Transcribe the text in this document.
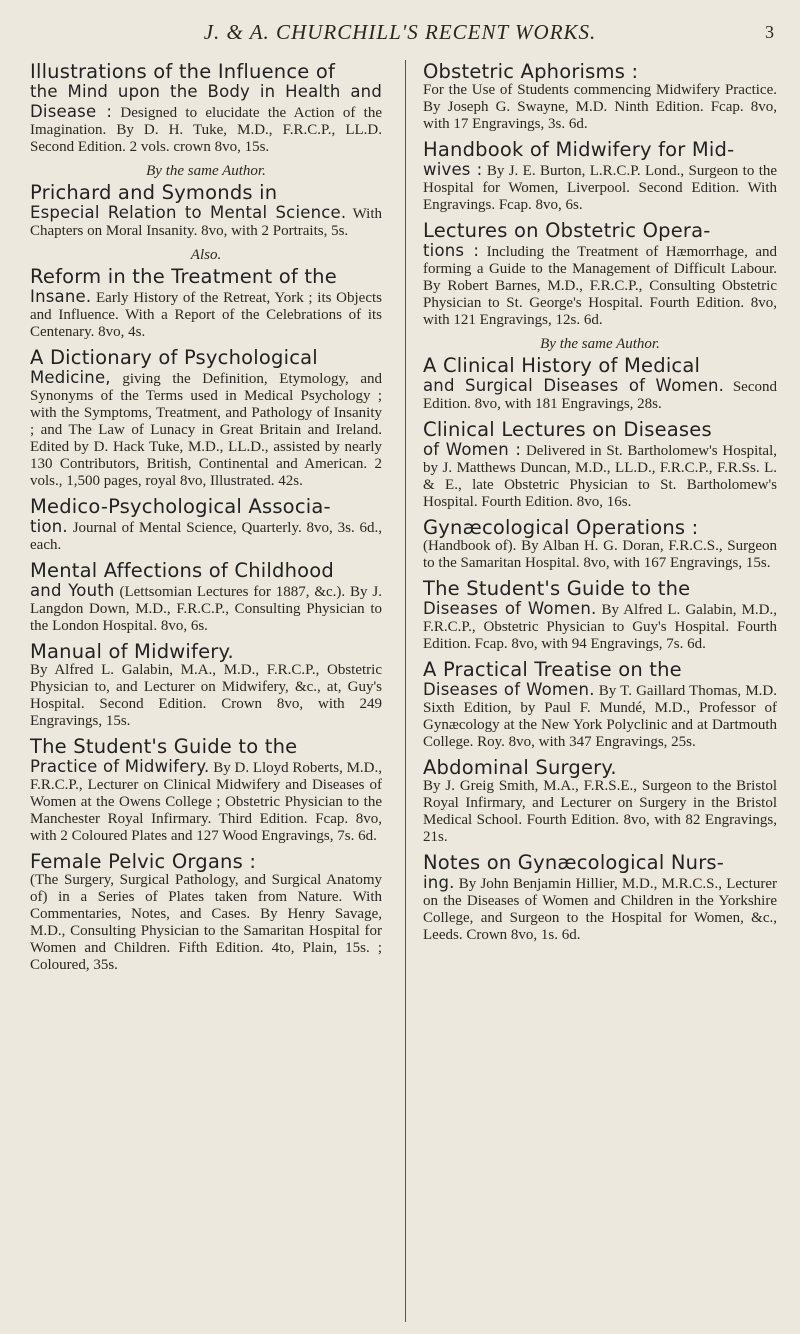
J. & A. CHURCHILL'S RECENT WORKS.	3
Illustrations of the Influence of
the Mind upon the Body in Health and Disease : Designed to elucidate the Action of the Imagination. By D. H. Tuke, M.D., F.R.C.P., LL.D. Second Edition. 2 vols. crown 8vo, 15s.
By the same Author.
Prichard and Symonds in
Especial Relation to Mental Science. With Chapters on Moral Insanity. 8vo, with 2 Portraits, 5s.
Also.
Reform in the Treatment of the
Insane. Early History of the Retreat, York ; its Objects and Influence. With a Report of the Celebrations of its Centenary. 8vo, 4s.
A Dictionary of Psychological
Medicine, giving the Definition, Etymology, and Synonyms of the Terms used in Medical Psychology ; with the Symptoms, Treatment, and Pathology of Insanity ; and The Law of Lunacy in Great Britain and Ireland. Edited by D. Hack Tuke, M.D., LL.D., assisted by nearly 130 Contributors, British, Continental and American. 2 vols., 1,500 pages, royal 8vo, Illustrated. 42s.
Medico-Psychological Associa-
tion. Journal of Mental Science, Quarterly. 8vo, 3s. 6d., each.
Mental Affections of Childhood
and Youth (Lettsomian Lectures for 1887, &c.). By J. Langdon Down, M.D., F.R.C.P., Consulting Physician to the London Hospital. 8vo, 6s.
Manual of Midwifery.
By Alfred L. Galabin, M.A., M.D., F.R.C.P., Obstetric Physician to, and Lecturer on Midwifery, &c., at, Guy's Hospital. Second Edition. Crown 8vo, with 249 Engravings, 15s.
The Student's Guide to the
Practice of Midwifery. By D. Lloyd Roberts, M.D., F.R.C.P., Lecturer on Clinical Midwifery and Diseases of Women at the Owens College ; Obstetric Physician to the Manchester Royal Infirmary. Third Edition. Fcap. 8vo, with 2 Coloured Plates and 127 Wood Engravings, 7s. 6d.
Female Pelvic Organs :
(The Surgery, Surgical Pathology, and Surgical Anatomy of) in a Series of Plates taken from Nature. With Commentaries, Notes, and Cases. By Henry Savage, M.D., Consulting Physician to the Samaritan Hospital for Women and Children. Fifth Edition. 4to, Plain, 15s. ; Coloured, 35s.
Obstetric Aphorisms :
For the Use of Students commencing Midwifery Practice. By Joseph G. Swayne, M.D. Ninth Edition. Fcap. 8vo, with 17 Engravings, 3s. 6d.
Handbook of Midwifery for Mid-
wives : By J. E. Burton, L.R.C.P. Lond., Surgeon to the Hospital for Women, Liverpool. Second Edition. With Engravings. Fcap. 8vo, 6s.
Lectures on Obstetric Opera-
tions : Including the Treatment of Hæmorrhage, and forming a Guide to the Management of Difficult Labour. By Robert Barnes, M.D., F.R.C.P., Consulting Obstetric Physician to St. George's Hospital. Fourth Edition. 8vo, with 121 Engravings, 12s. 6d.
By the same Author.
A Clinical History of Medical
and Surgical Diseases of Women. Second Edition. 8vo, with 181 Engravings, 28s.
Clinical Lectures on Diseases
of Women : Delivered in St. Bartholomew's Hospital, by J. Matthews Duncan, M.D., LL.D., F.R.C.P., F.R.Ss. L. & E., late Obstetric Physician to St. Bartholomew's Hospital. Fourth Edition. 8vo, 16s.
Gynæcological Operations :
(Handbook of). By Alban H. G. Doran, F.R.C.S., Surgeon to the Samaritan Hospital. 8vo, with 167 Engravings, 15s.
The Student's Guide to the
Diseases of Women. By Alfred L. Galabin, M.D., F.R.C.P., Obstetric Physician to Guy's Hospital. Fourth Edition. Fcap. 8vo, with 94 Engravings, 7s. 6d.
A Practical Treatise on the
Diseases of Women. By T. Gaillard Thomas, M.D. Sixth Edition, by Paul F. Mundé, M.D., Professor of Gynæcology at the New York Polyclinic and at Dartmouth College. Roy. 8vo, with 347 Engravings, 25s.
Abdominal Surgery.
By J. Greig Smith, M.A., F.R.S.E., Surgeon to the Bristol Royal Infirmary, and Lecturer on Surgery in the Bristol Medical School. Fourth Edition. 8vo, with 82 Engravings, 21s.
Notes on Gynæcological Nurs-
ing. By John Benjamin Hillier, M.D., M.R.C.S., Lecturer on the Diseases of Women and Children in the Yorkshire College, and Surgeon to the Hospital for Women, &c., Leeds. Crown 8vo, 1s. 6d.
